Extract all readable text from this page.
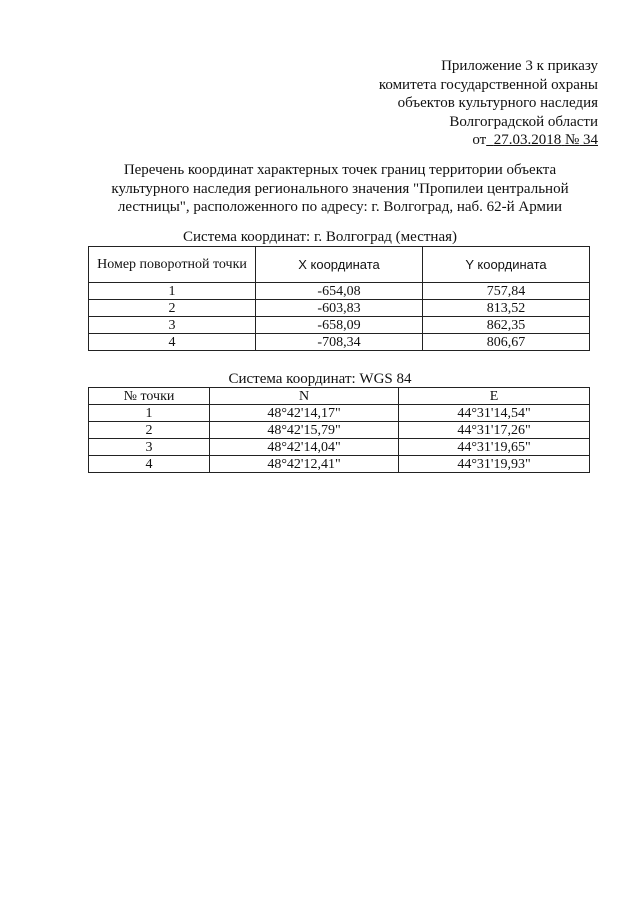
Приложение 3 к приказу
комитета государственной охраны
объектов культурного наследия
Волгоградской области
от 27.03.2018 № 34
Перечень координат характерных точек границ территории объекта
культурного наследия регионального значения "Пропилеи центральной
лестницы", расположенного по адресу: г. Волгоград, наб. 62-й Армии
Система координат: г. Волгоград (местная)
Номер поворотной точки	X координата	Y координата
1	-654,08	757,84
2	-603,83	813,52
3	-658,09	862,35
4	-708,34	806,67
Система координат: WGS 84
№ точки	N	E
1	48°42'14,17"	44°31'14,54"
2	48°42'15,79"	44°31'17,26"
3	48°42'14,04"	44°31'19,65"
4	48°42'12,41"	44°31'19,93"
